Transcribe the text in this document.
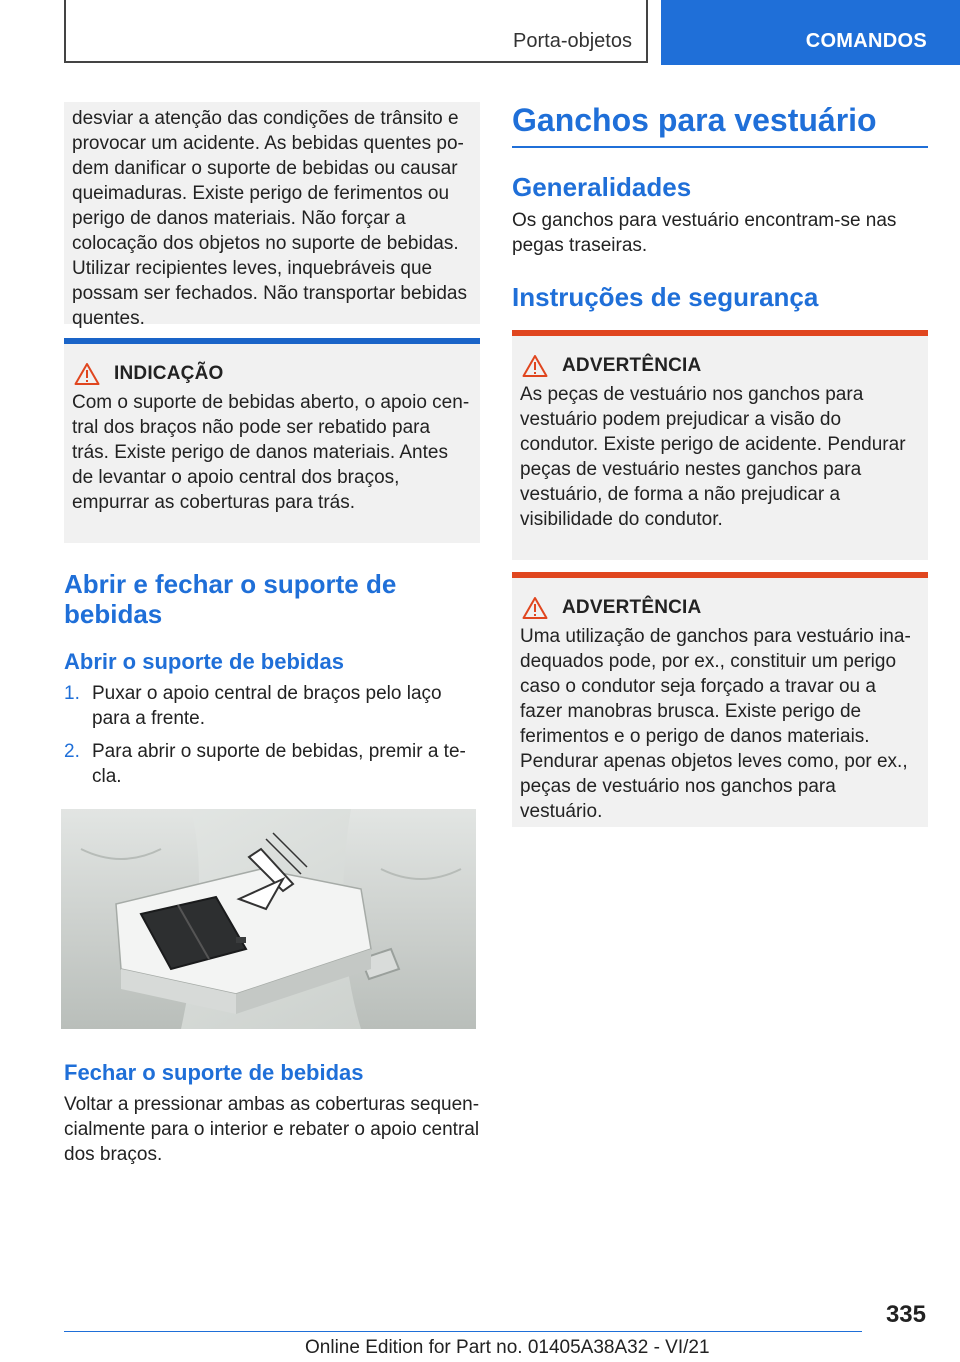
Porta-objetos	COMANDOS

desviar a atenção das condições de trânsito e provocar um acidente. As bebidas quentes podem danificar o suporte de bebidas ou causar queimaduras. Existe perigo de ferimentos ou perigo de danos materiais. Não forçar a colocação dos objetos no suporte de bebidas. Utilizar recipientes leves, inquebráveis que possam ser fechados. Não transportar bebidas quentes.

INDICAÇÃO

Com o suporte de bebidas aberto, o apoio central dos braços não pode ser rebatido para trás. Existe perigo de danos materiais. Antes de levantar o apoio central dos braços, empurrar as coberturas para trás.

Abrir e fechar o suporte de bebidas
Abrir o suporte de bebidas
1. Puxar o apoio central de braços pelo laço para a frente.
2. Para abrir o suporte de bebidas, premir a tecla.
Fechar o suporte de bebidas

Voltar a pressionar ambas as coberturas sequencialmente para o interior e rebater o apoio central dos braços.

Ganchos para vestuário
Generalidades

Os ganchos para vestuário encontram-se nas pegas traseiras.

Instruções de segurança
ADVERTÊNCIA

As peças de vestuário nos ganchos para vestuário podem prejudicar a visão do condutor. Existe perigo de acidente. Pendurar peças de vestuário nestes ganchos para vestuário, de forma a não prejudicar a visibilidade do condutor.

ADVERTÊNCIA

Uma utilização de ganchos para vestuário inadequados pode, por ex., constituir um perigo caso o condutor seja forçado a travar ou a fazer manobras brusca. Existe perigo de ferimentos e o perigo de danos materiais. Pendurar apenas objetos leves como, por ex., peças de vestuário nos ganchos para vestuário.

335
Online Edition for Part no. 01405A38A32 - VI/21
